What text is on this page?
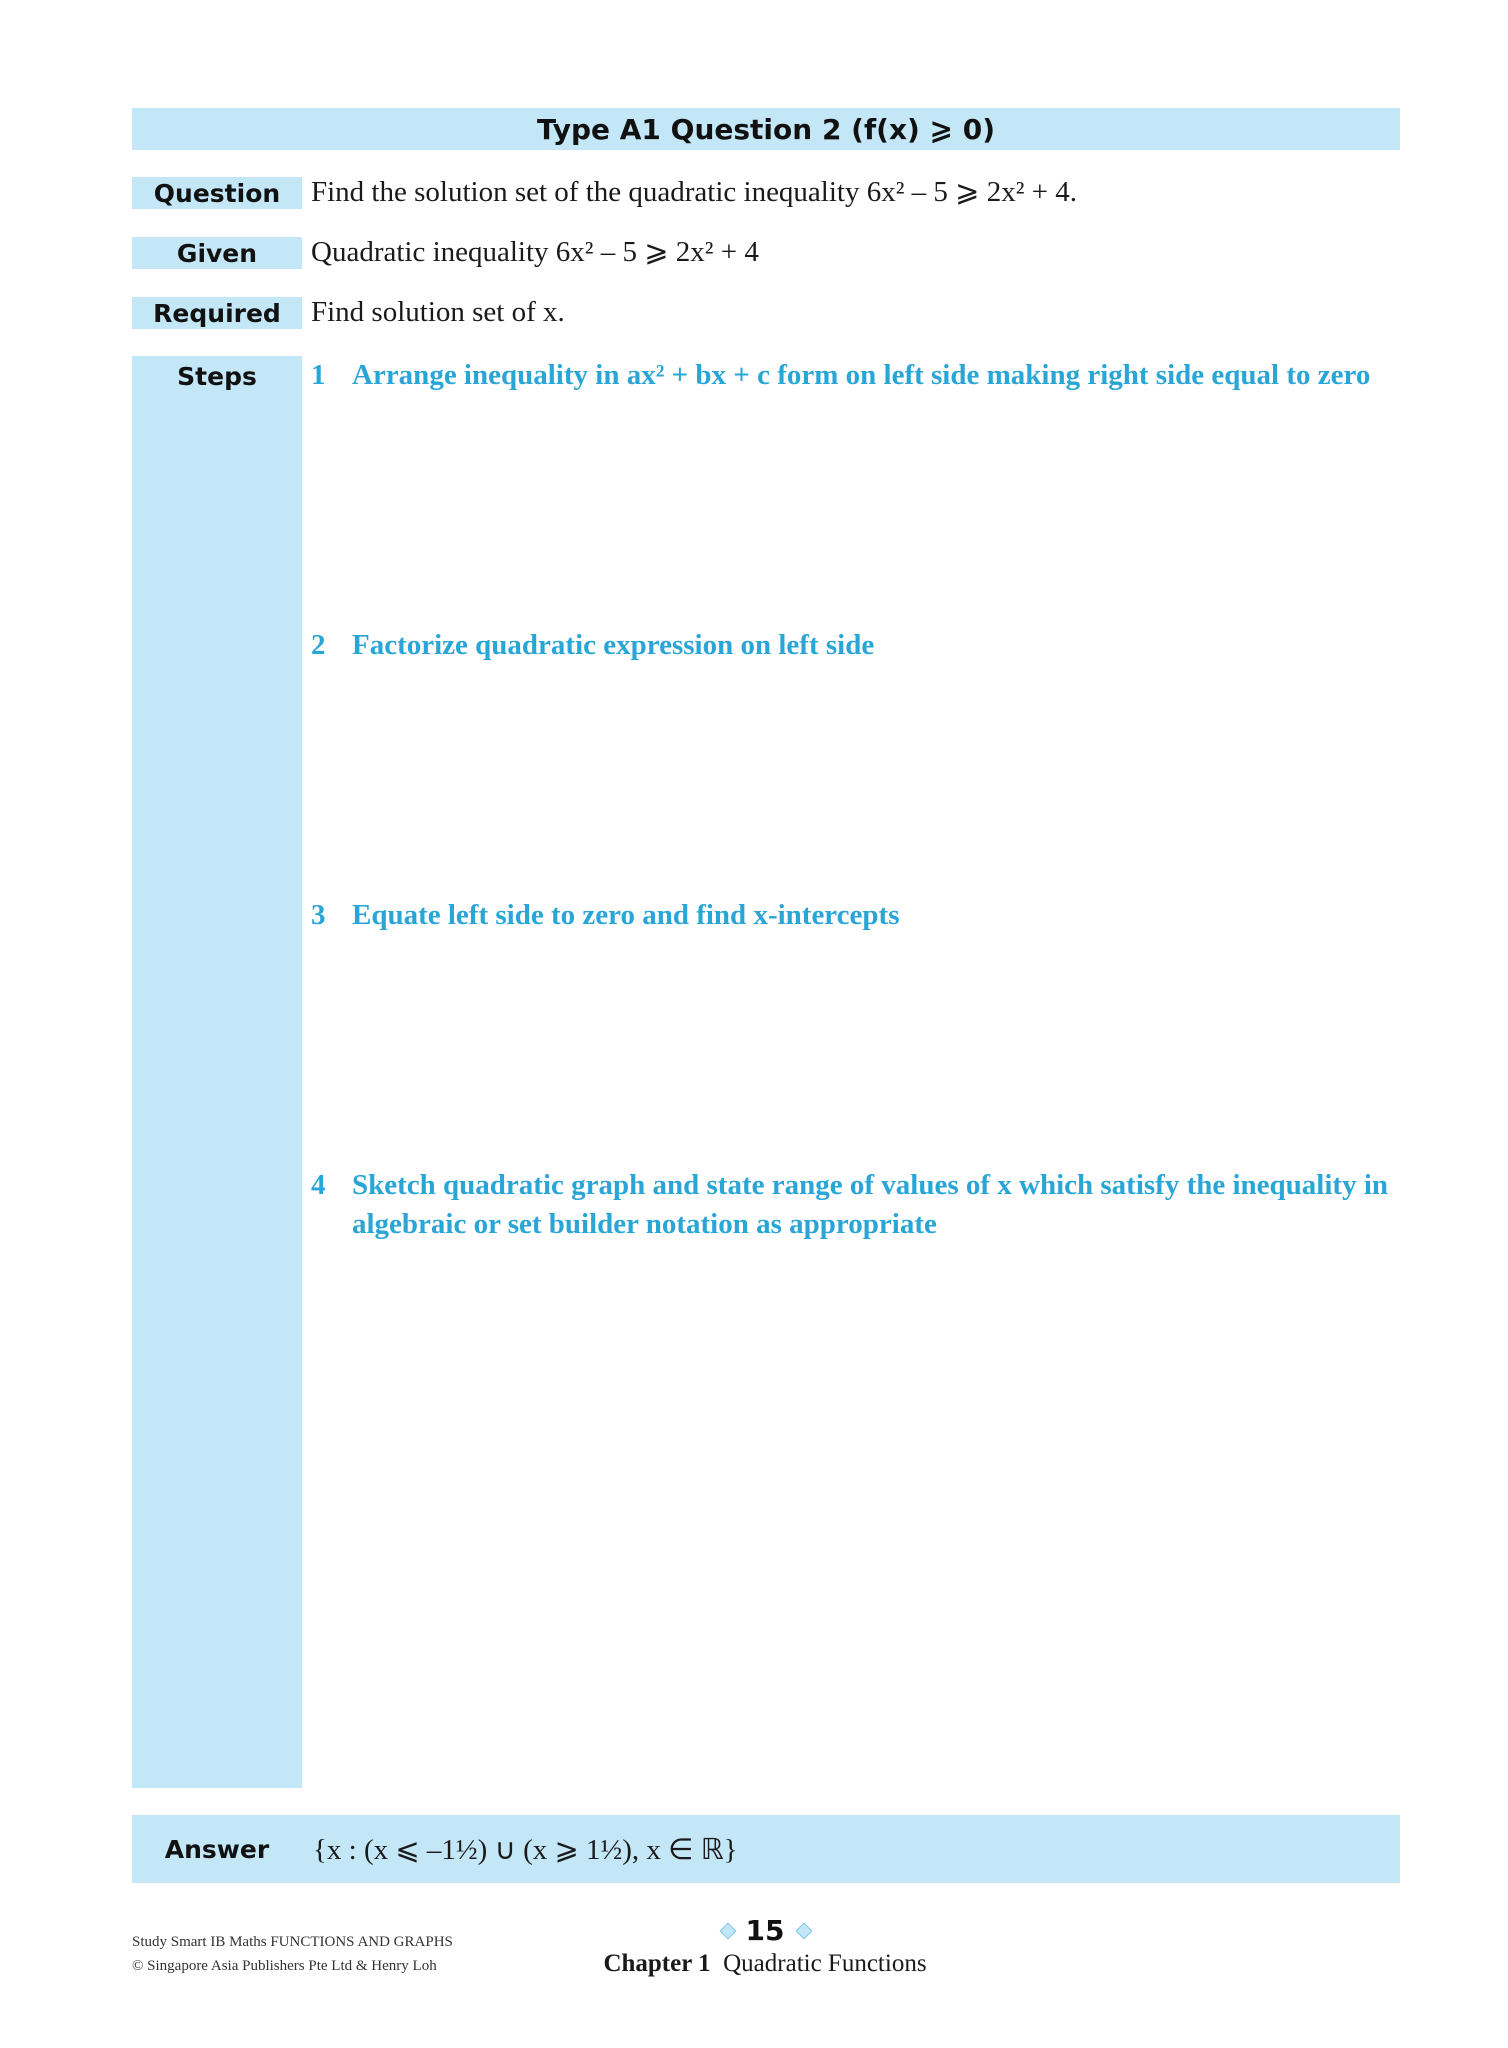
Type A1 Question 2 (f(x) ⩾ 0)
Question	Find the solution set of the quadratic inequality 6x² – 5 ⩾ 2x² + 4.
Given	Quadratic inequality 6x² – 5 ⩾ 2x² + 4
Required	Find solution set of x.
Steps	1 Arrange inequality in ax² + bx + c form on left side making right side equal to zero
2 Factorize quadratic expression on left side
3 Equate left side to zero and find x-intercepts
4 Sketch quadratic graph and state range of values of x which satisfy the inequality in algebraic or set builder notation as appropriate
Answer	{x : (x ⩽ –1½) ∪ (x ⩾ 1½), x ∈ ℝ}
Study Smart IB Maths FUNCTIONS AND GRAPHS
© Singapore Asia Publishers Pte Ltd & Henry Loh
15
Chapter 1 Quadratic Functions
